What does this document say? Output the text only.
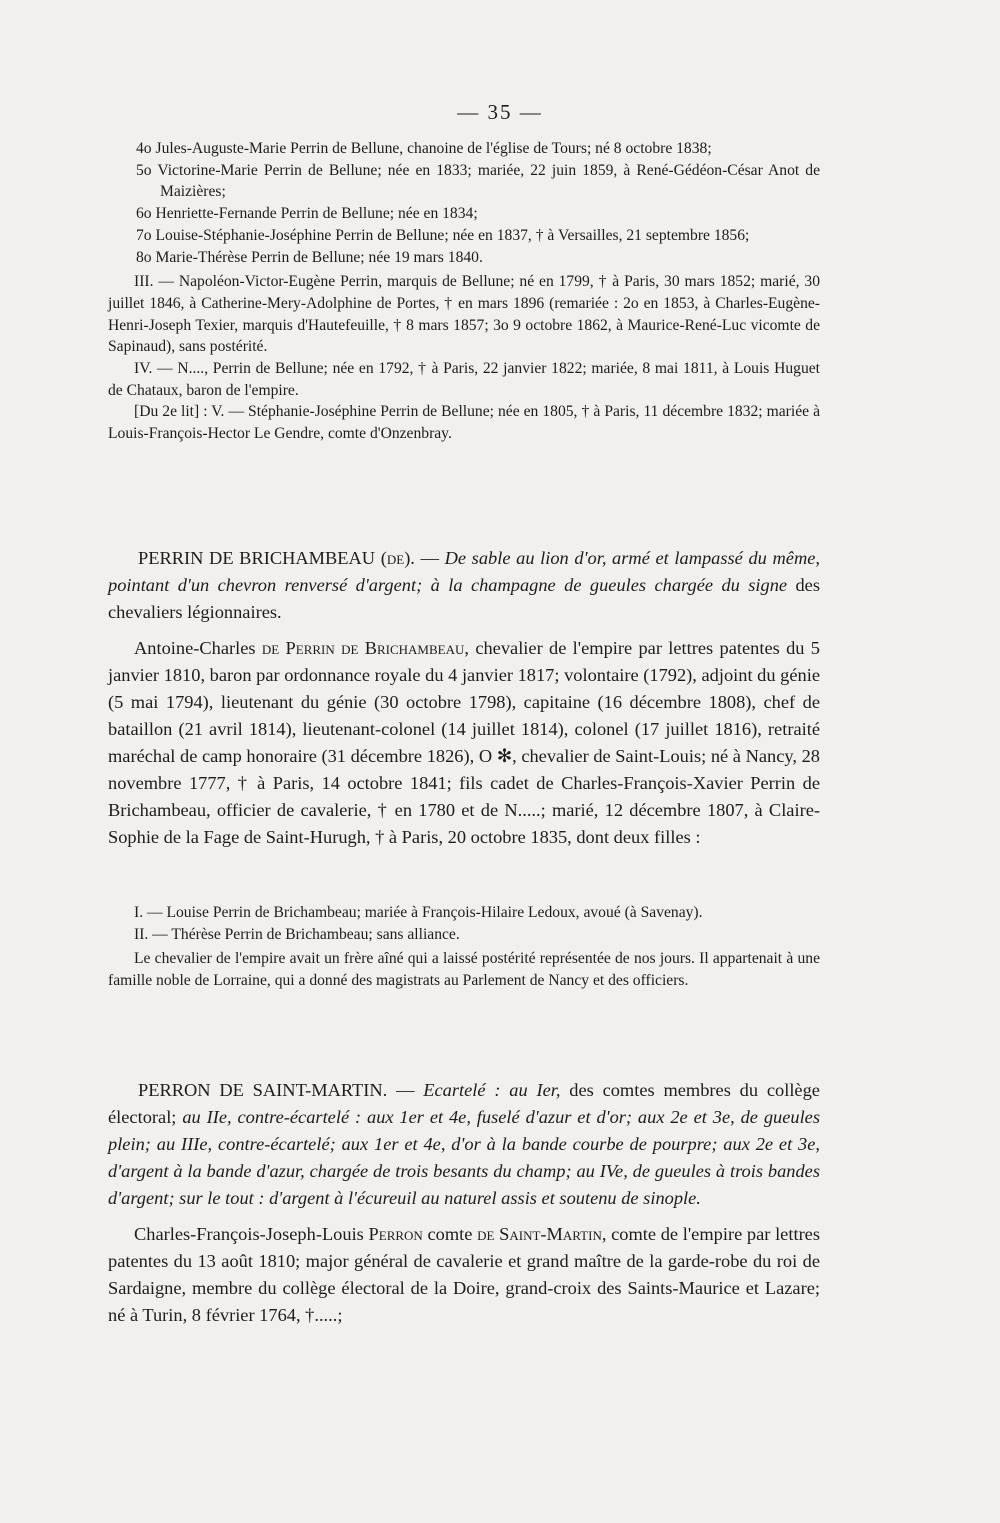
— 35 —

4o Jules-Auguste-Marie Perrin de Bellune, chanoine de l'église de Tours; né 8 octobre 1838;

5o Victorine-Marie Perrin de Bellune; née en 1833; mariée, 22 juin 1859, à René-Gédéon-César Anot de Maizières;

6o Henriette-Fernande Perrin de Bellune; née en 1834;

7o Louise-Stéphanie-Joséphine Perrin de Bellune; née en 1837, † à Versailles, 21 septembre 1856;

8o Marie-Thérèse Perrin de Bellune; née 19 mars 1840.

III. — Napoléon-Victor-Eugène Perrin, marquis de Bellune; né en 1799, † à Paris, 30 mars 1852; marié, 30 juillet 1846, à Catherine-Mery-Adolphine de Portes, † en mars 1896 (remariée : 2o en 1853, à Charles-Eugène-Henri-Joseph Texier, marquis d'Hautefeuille, † 8 mars 1857; 3o 9 octobre 1862, à Maurice-René-Luc vicomte de Sapinaud), sans postérité.

IV. — N...., Perrin de Bellune; née en 1792, † à Paris, 22 janvier 1822; mariée, 8 mai 1811, à Louis Huguet de Chataux, baron de l'empire.

[Du 2e lit] : V. — Stéphanie-Joséphine Perrin de Bellune; née en 1805, † à Paris, 11 décembre 1832; mariée à Louis-François-Hector Le Gendre, comte d'Onzenbray.

PERRIN DE BRICHAMBEAU (de). — De sable au lion d'or, armé et lampassé du même, pointant d'un chevron renversé d'argent; à la champagne de gueules chargée du signe des chevaliers légionnaires.

Antoine-Charles de Perrin de Brichambeau, chevalier de l'empire par lettres patentes du 5 janvier 1810, baron par ordonnance royale du 4 janvier 1817; volontaire (1792), adjoint du génie (5 mai 1794), lieutenant du génie (30 octobre 1798), capitaine (16 décembre 1808), chef de bataillon (21 avril 1814), lieutenant-colonel (14 juillet 1814), colonel (17 juillet 1816), retraité maréchal de camp honoraire (31 décembre 1826), O ✻, chevalier de Saint-Louis; né à Nancy, 28 novembre 1777, † à Paris, 14 octobre 1841; fils cadet de Charles-François-Xavier Perrin de Brichambeau, officier de cavalerie, † en 1780 et de N.....; marié, 12 décembre 1807, à Claire-Sophie de la Fage de Saint-Hurugh, † à Paris, 20 octobre 1835, dont deux filles :

I. — Louise Perrin de Brichambeau; mariée à François-Hilaire Ledoux, avoué (à Savenay).

II. — Thérèse Perrin de Brichambeau; sans alliance.

Le chevalier de l'empire avait un frère aîné qui a laissé postérité représentée de nos jours. Il appartenait à une famille noble de Lorraine, qui a donné des magistrats au Parlement de Nancy et des officiers.

PERRON DE SAINT-MARTIN. — Ecartelé : au Ier, des comtes membres du collège électoral; au IIe, contre-écartelé : aux 1er et 4e, fuselé d'azur et d'or; aux 2e et 3e, de gueules plein; au IIIe, contre-écartelé; aux 1er et 4e, d'or à la bande courbe de pourpre; aux 2e et 3e, d'argent à la bande d'azur, chargée de trois besants du champ; au IVe, de gueules à trois bandes d'argent; sur le tout : d'argent à l'écureuil au naturel assis et soutenu de sinople.

Charles-François-Joseph-Louis Perron comte de Saint-Martin, comte de l'empire par lettres patentes du 13 août 1810; major général de cavalerie et grand maître de la garde-robe du roi de Sardaigne, membre du collège électoral de la Doire, grand-croix des Saints-Maurice et Lazare; né à Turin, 8 février 1764, †.....;
